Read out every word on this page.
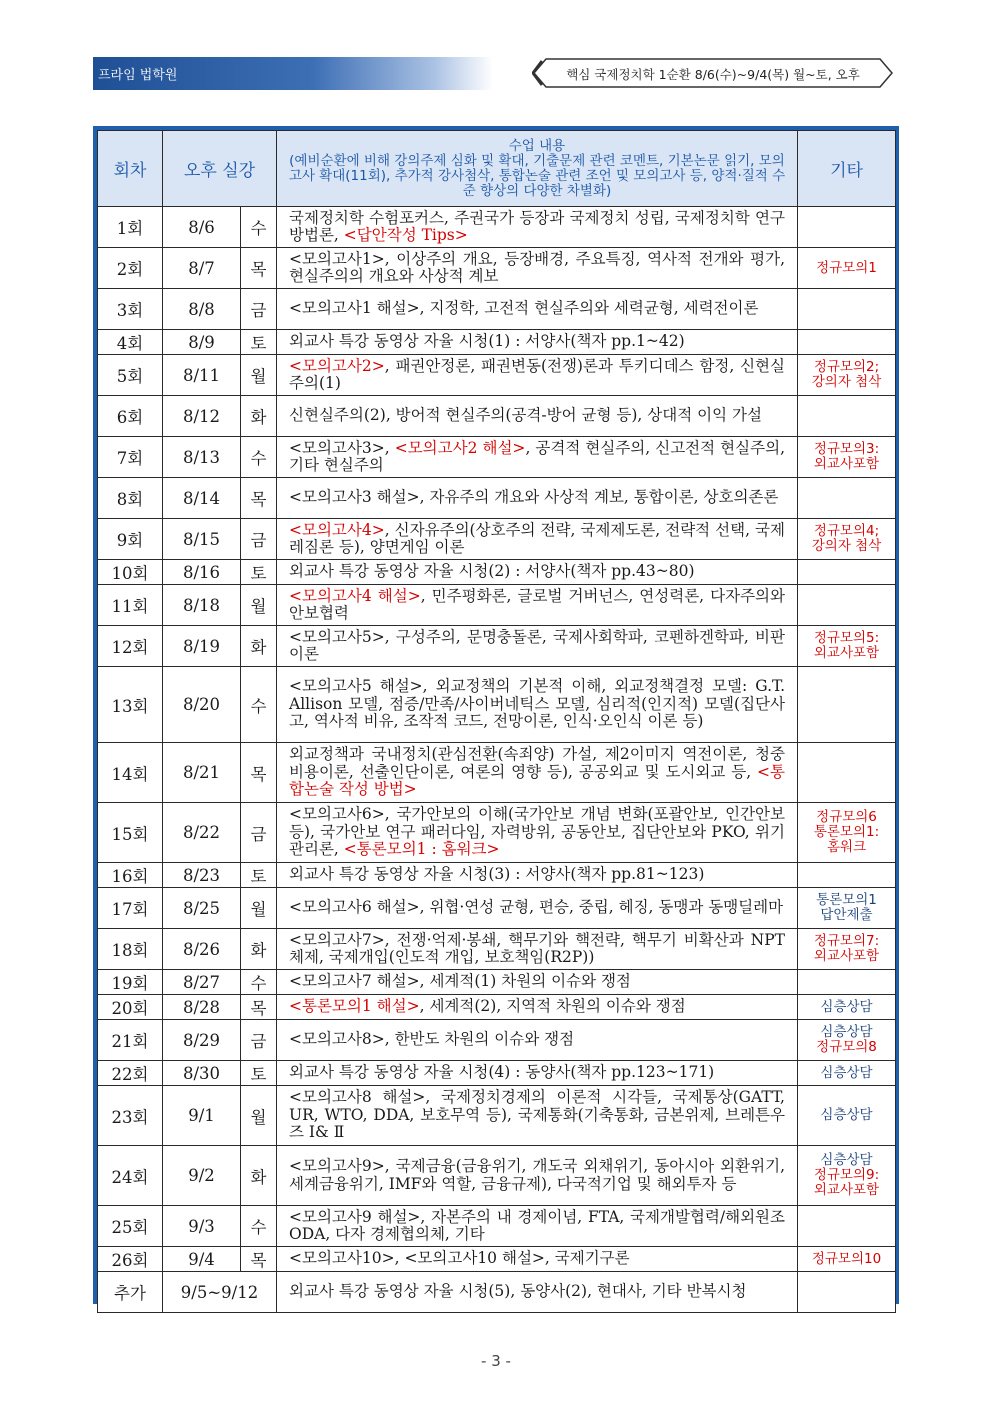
프라임 법학원	핵심 국제정치학 1순환 8/6(수)~9/4(목) 월~토, 오후
회차	오후 실강		수업 내용
(예비순환에 비해 강의주제 심화 및 확대, 기출문제 관련 코멘트, 기본논문 읽기, 모의고사 확대(11회), 추가적 강사첨삭, 통합논술 관련 조언 및 모의고사 등, 양적·질적 수준 향상의 다양한 차별화)	기타
1회	8/6	수	국제정치학 수험포커스, 주권국가 등장과 국제정치 성립, 국제정치학 연구방법론, <답안작성 Tips>	
2회	8/7	목	<모의고사1>, 이상주의 개요, 등장배경, 주요특징, 역사적 전개와 평가, 현실주의의 개요와 사상적 계보	정규모의1

3회	8/8	금	<모의고사1 해설>, 지정학, 고전적 현실주의와 세력균형, 세력전이론	
4회	8/9	토	외교사 특강 동영상 자율 시청(1) : 서양사(책자 pp.1~42)	
5회	8/11	월	<모의고사2>, 패권안정론, 패권변동(전쟁)론과 투키디데스 함정, 신현실주의(1)	정규모의2;
강의자 첨삭

6회	8/12	화	신현실주의(2), 방어적 현실주의(공격-방어 균형 등), 상대적 이익 가설	
7회	8/13	수	<모의고사3>, <모의고사2 해설>, 공격적 현실주의, 신고전적 현실주의, 기타 현실주의	정규모의3:
외교사포함

8회	8/14	목	<모의고사3 해설>, 자유주의 개요와 사상적 계보, 통합이론, 상호의존론	
9회	8/15	금	<모의고사4>, 신자유주의(상호주의 전략, 국제제도론, 전략적 선택, 국제레짐론 등), 양면게임 이론	정규모의4;
강의자 첨삭

10회	8/16	토	외교사 특강 동영상 자율 시청(2) : 서양사(책자 pp.43~80)	
11회	8/18	월	<모의고사4 해설>, 민주평화론, 글로벌 거버넌스, 연성력론, 다자주의와 안보협력	
12회	8/19	화	<모의고사5>, 구성주의, 문명충돌론, 국제사회학파, 코펜하겐학파, 비판이론	정규모의5:
외교사포함

13회	8/20	수	<모의고사5 해설>, 외교정책의 기본적 이해, 외교정책결정 모델: G.T. Allison 모델, 점증/만족/사이버네틱스 모델, 심리적(인지적) 모델(집단사고, 역사적 비유, 조작적 코드, 전망이론, 인식·오인식 이론 등)	
14회	8/21	목	외교정책과 국내정치(관심전환(속죄양) 가설, 제2이미지 역전이론, 청중비용이론, 선출인단이론, 여론의 영향 등), 공공외교 및 도시외교 등, <통합논술 작성 방법>	
15회	8/22	금	<모의고사6>, 국가안보의 이해(국가안보 개념 변화(포괄안보, 인간안보 등), 국가안보 연구 패러다임, 자력방위, 공동안보, 집단안보와 PKO, 위기관리론, <통론모의1 : 홈워크>	정규모의6
통론모의1:
홈워크

16회	8/23	토	외교사 특강 동영상 자율 시청(3) : 서양사(책자 pp.81~123)	
17회	8/25	월	<모의고사6 해설>, 위협·연성 균형, 편승, 중립, 헤징, 동맹과 동맹딜레마	통론모의1
답안제출

18회	8/26	화	<모의고사7>, 전쟁·억제·봉쇄, 핵무기와 핵전략, 핵무기 비확산과 NPT체제, 국제개입(인도적 개입, 보호책임(R2P))	정규모의7:
외교사포함

19회	8/27	수	<모의고사7 해설>, 세계적(1) 차원의 이슈와 쟁점	
20회	8/28	목	<통론모의1 해설>, 세계적(2), 지역적 차원의 이슈와 쟁점	심층상담

21회	8/29	금	<모의고사8>, 한반도 차원의 이슈와 쟁점	심층상담
정규모의8

22회	8/30	토	외교사 특강 동영상 자율 시청(4) : 동양사(책자 pp.123~171)	심층상담

23회	9/1	월	<모의고사8 해설>, 국제정치경제의 이론적 시각들, 국제통상(GATT, UR, WTO, DDA, 보호무역 등), 국제통화(기축통화, 금본위제, 브레튼우즈 Ⅰ& Ⅱ	심층상담

24회	9/2	화	<모의고사9>, 국제금융(금융위기, 개도국 외채위기, 동아시아 외환위기, 세계금융위기, IMF와 역할, 금융규제), 다국적기업 및 해외투자 등	심층상담
정규모의9:
외교사포함

25회	9/3	수	<모의고사9 해설>, 자본주의 내 경제이념, FTA, 국제개발협력/해외원조 ODA, 다자 경제협의체, 기타	
26회	9/4	목	<모의고사10>, <모의고사10 해설>, 국제기구론	정규모의10

추가	9/5~9/12		외교사 특강 동영상 자율 시청(5), 동양사(2), 현대사, 기타 반복시청	
- 3 -
